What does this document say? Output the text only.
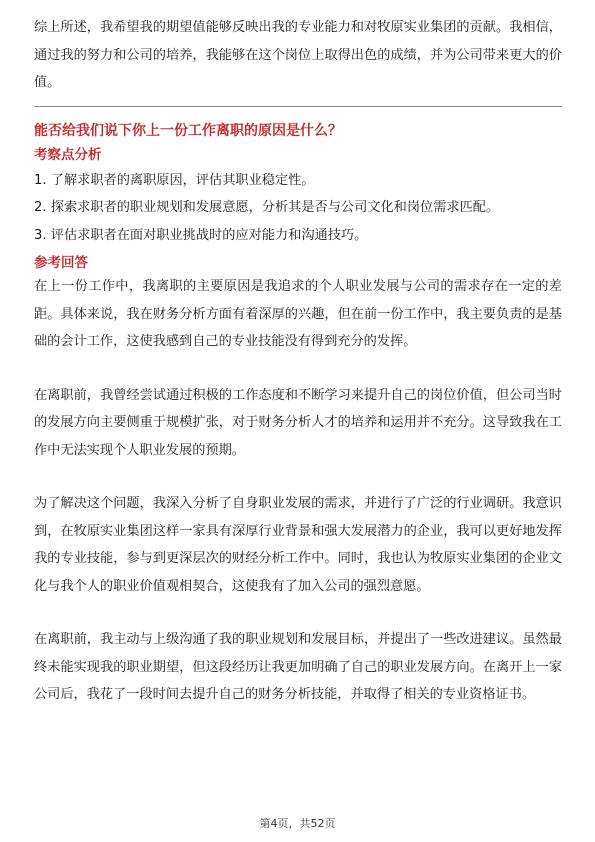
综上所述，我希望我的期望值能够反映出我的专业能力和对牧原实业集团的贡献。我相信，通过我的努力和公司的培养，我能够在这个岗位上取得出色的成绩，并为公司带来更大的价值。

能否给我们说下你上一份工作离职的原因是什么？
考察点分析
1. 了解求职者的离职原因，评估其职业稳定性。
2. 探索求职者的职业规划和发展意愿，分析其是否与公司文化和岗位需求匹配。
3. 评估求职者在面对职业挑战时的应对能力和沟通技巧。
参考回答

在上一份工作中，我离职的主要原因是我追求的个人职业发展与公司的需求存在一定的差距。具体来说，我在财务分析方面有着深厚的兴趣，但在前一份工作中，我主要负责的是基础的会计工作，这使我感到自己的专业技能没有得到充分的发挥。

在离职前，我曾经尝试通过积极的工作态度和不断学习来提升自己的岗位价值，但公司当时的发展方向主要侧重于规模扩张，对于财务分析人才的培养和运用并不充分。这导致我在工作中无法实现个人职业发展的预期。

为了解决这个问题，我深入分析了自身职业发展的需求，并进行了广泛的行业调研。我意识到，在牧原实业集团这样一家具有深厚行业背景和强大发展潜力的企业，我可以更好地发挥我的专业技能，参与到更深层次的财经分析工作中。同时，我也认为牧原实业集团的企业文化与我个人的职业价值观相契合，这使我有了加入公司的强烈意愿。

在离职前，我主动与上级沟通了我的职业规划和发展目标，并提出了一些改进建议。虽然最终未能实现我的职业期望，但这段经历让我更加明确了自己的职业发展方向。在离开上一家公司后，我花了一段时间去提升自己的财务分析技能，并取得了相关的专业资格证书。

第4页，共52页
